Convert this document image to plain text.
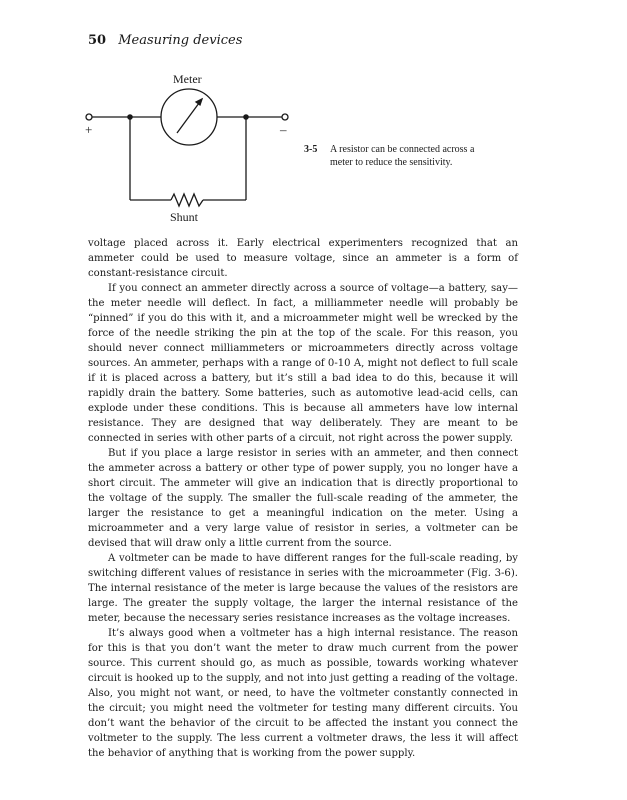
50 Measuring devices
Meter
Shunt
+	–
3-5 A resistor can be connected across a meter to reduce the sensitivity.

voltage placed across it. Early electrical experimenters recognized that an ammeter could be used to measure voltage, since an ammeter is a form of constant-resistance circuit.

If you connect an ammeter directly across a source of voltage—a battery, say—the meter needle will deflect. In fact, a milliammeter needle will probably be “pinned” if you do this with it, and a microammeter might well be wrecked by the force of the needle striking the pin at the top of the scale. For this reason, you should never connect milliammeters or microammeters directly across voltage sources. An ammeter, perhaps with a range of 0-10 A, might not deflect to full scale if it is placed across a battery, but it’s still a bad idea to do this, because it will rapidly drain the battery. Some batteries, such as automotive lead-acid cells, can explode under these conditions. This is because all ammeters have low internal resistance. They are designed that way deliberately. They are meant to be connected in series with other parts of a circuit, not right across the power supply.

But if you place a large resistor in series with an ammeter, and then connect the ammeter across a battery or other type of power supply, you no longer have a short circuit. The ammeter will give an indication that is directly proportional to the voltage of the supply. The smaller the full-scale reading of the ammeter, the larger the resistance to get a meaningful indication on the meter. Using a microammeter and a very large value of resistor in series, a voltmeter can be devised that will draw only a little current from the source.

A voltmeter can be made to have different ranges for the full-scale reading, by switching different values of resistance in series with the microammeter (Fig. 3-6). The internal resistance of the meter is large because the values of the resistors are large. The greater the supply voltage, the larger the internal resistance of the meter, because the necessary series resistance increases as the voltage increases.

It’s always good when a voltmeter has a high internal resistance. The reason for this is that you don’t want the meter to draw much current from the power source. This current should go, as much as possible, towards working whatever circuit is hooked up to the supply, and not into just getting a reading of the voltage. Also, you might not want, or need, to have the voltmeter constantly connected in the circuit; you might need the voltmeter for testing many different circuits. You don’t want the behavior of the circuit to be affected the instant you connect the voltmeter to the supply. The less current a voltmeter draws, the less it will affect the behavior of anything that is working from the power supply.
